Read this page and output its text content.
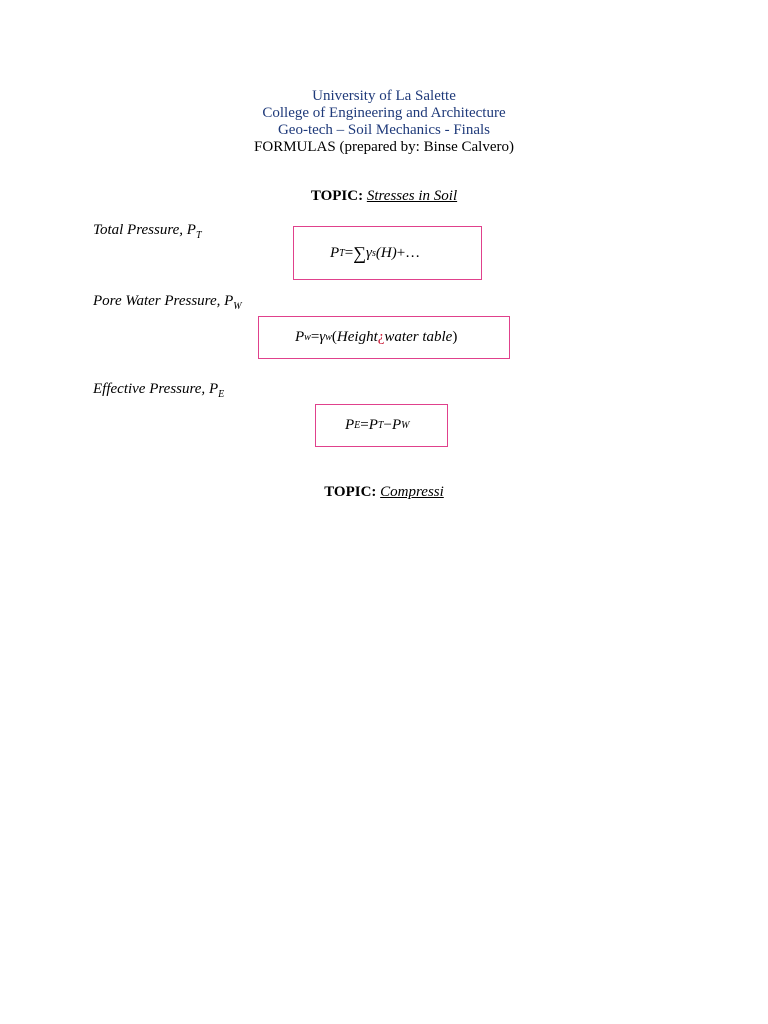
University of La Salette
College of Engineering and Architecture
Geo-tech – Soil Mechanics - Finals
FORMULAS (prepared by: Binse Calvero)
TOPIC: Stresses in Soil
Total Pressure, $P_T$
P T = ∑ γ s (H) +…
Pore Water Pressure, $P_W$
P w = γ w ( Height ¿ water table )
Effective Pressure, $P_E$
P E = P T − P W
TOPIC: Compressi
